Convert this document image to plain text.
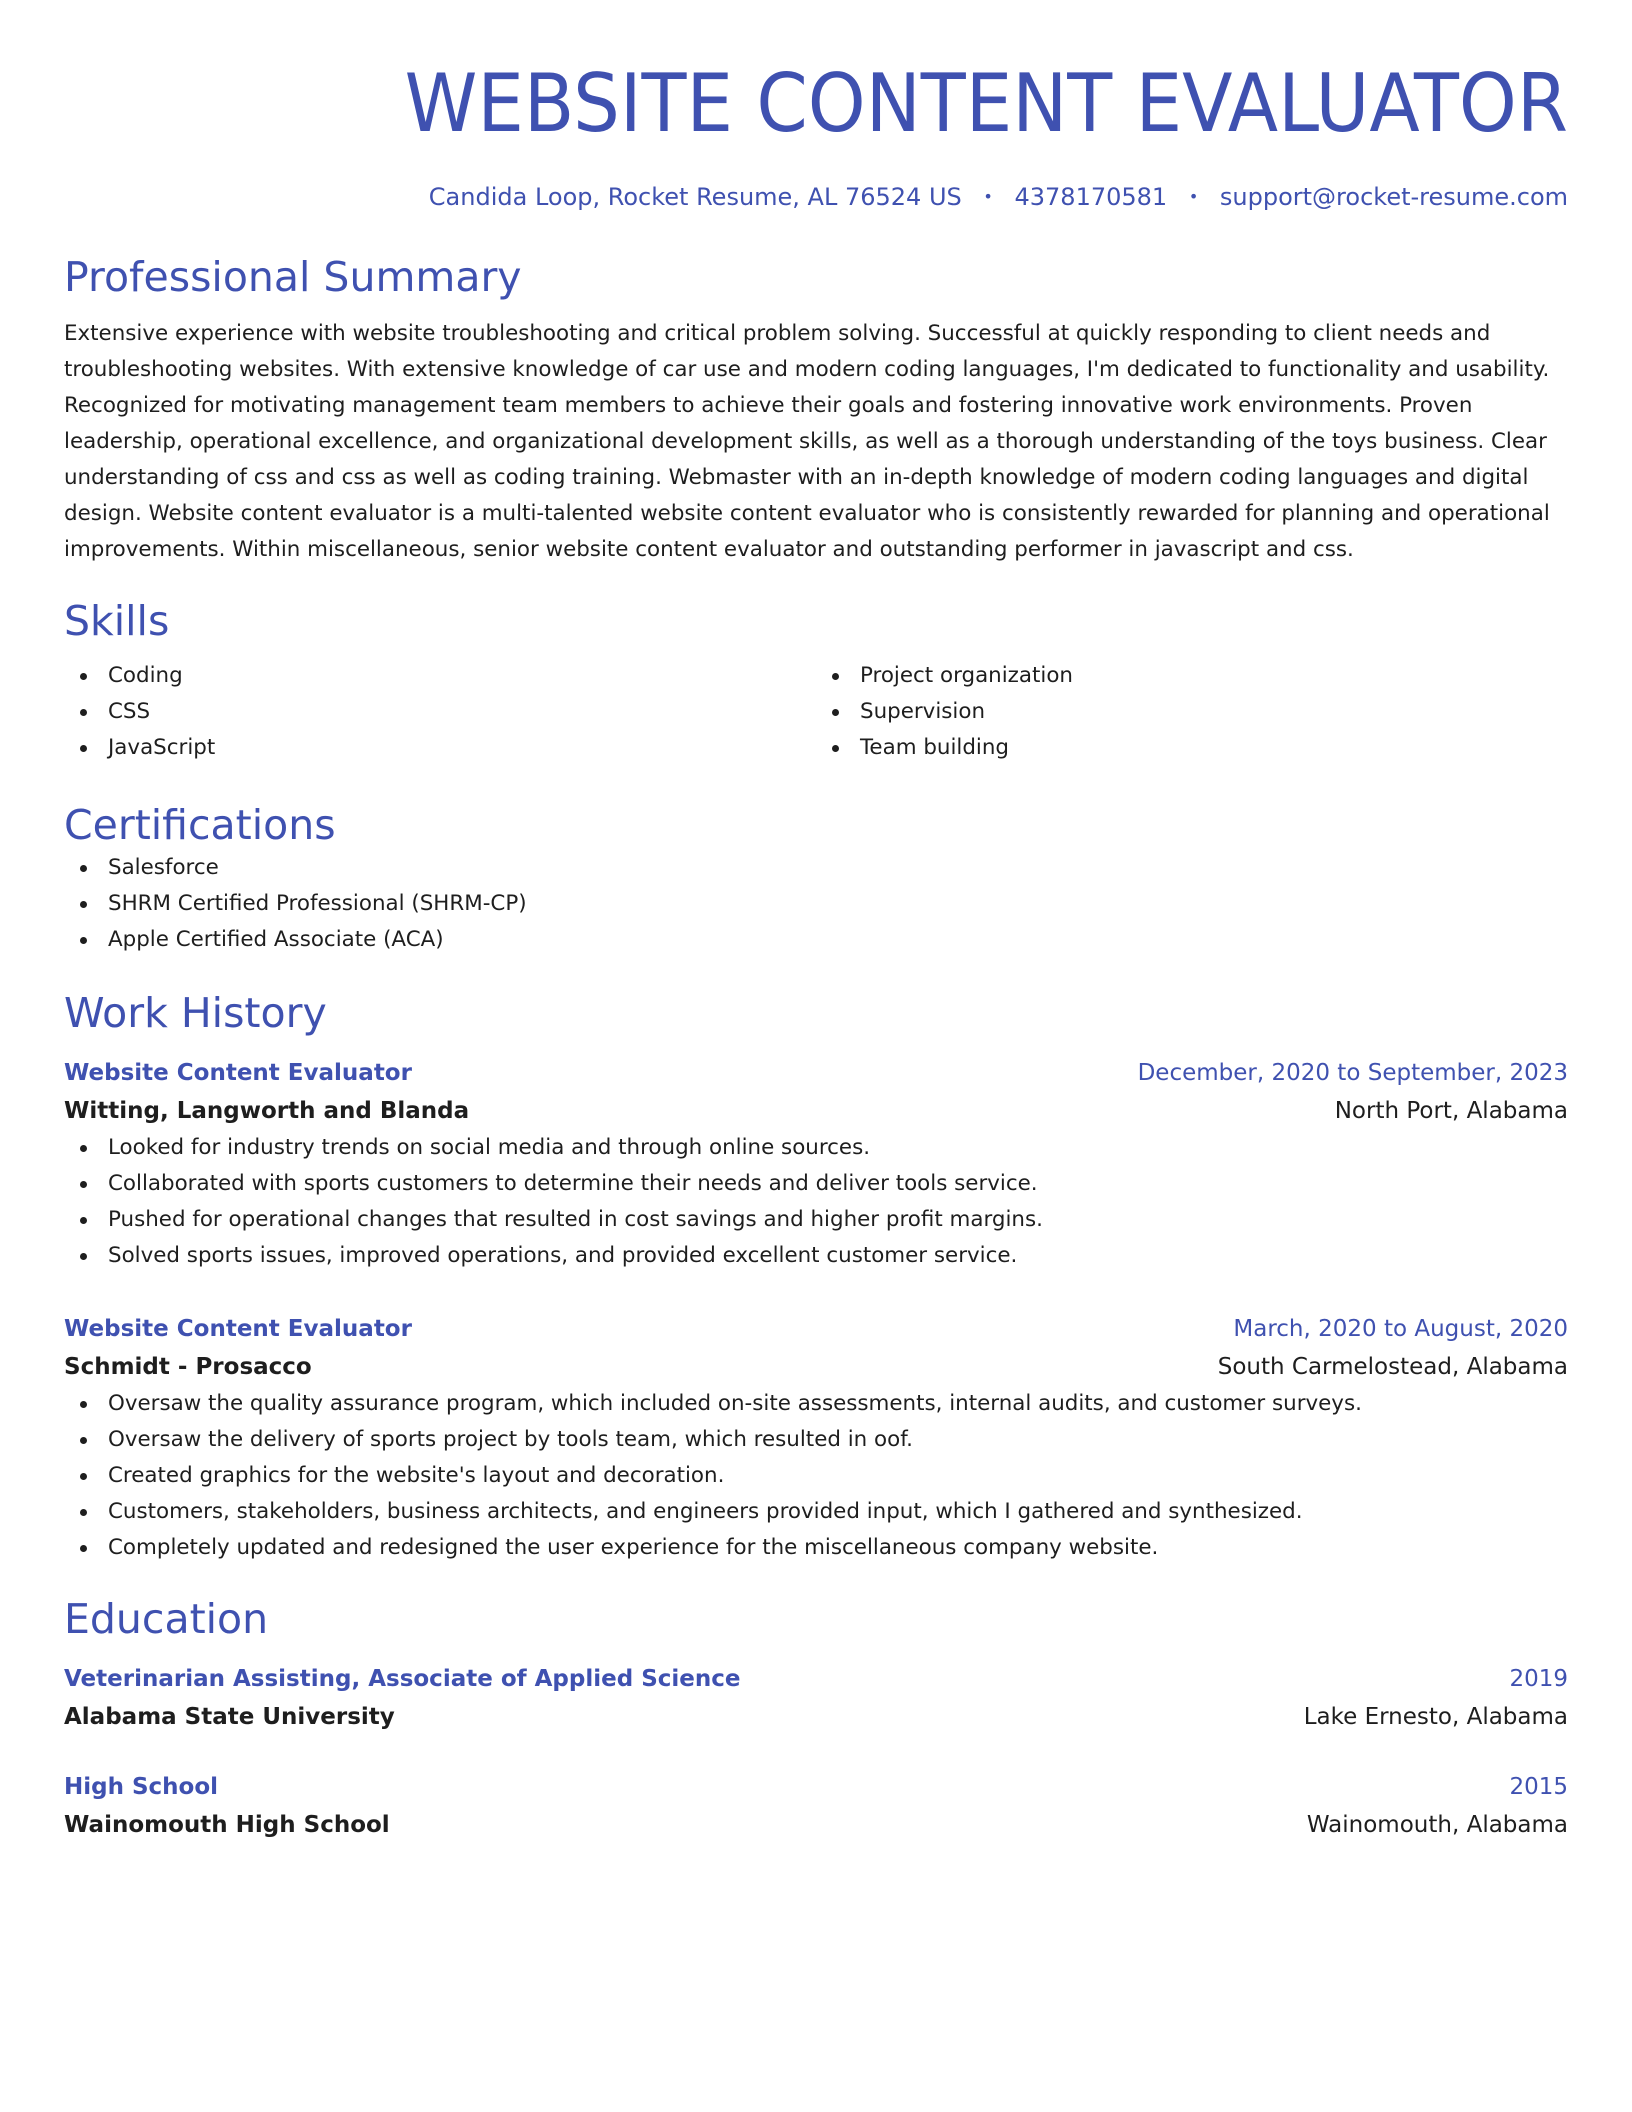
WEBSITE CONTENT EVALUATOR
Candida Loop, Rocket Resume, AL 76524 US • 4378170581 • support@rocket-resume.com
Professional Summary

Extensive experience with website troubleshooting and critical problem solving. Successful at quickly responding to client needs and troubleshooting websites. With extensive knowledge of car use and modern coding languages, I'm dedicated to functionality and usability. Recognized for motivating management team members to achieve their goals and fostering innovative work environments. Proven leadership, operational excellence, and organizational development skills, as well as a thorough understanding of the toys business. Clear understanding of css and css as well as coding training. Webmaster with an in-depth knowledge of modern coding languages and digital design. Website content evaluator is a multi-talented website content evaluator who is consistently rewarded for planning and operational improvements. Within miscellaneous, senior website content evaluator and outstanding performer in javascript and css.

Skills
Coding
CSS
JavaScript
Project organization
Supervision
Team building
Certifications
Salesforce
SHRM Certified Professional (SHRM-CP)
Apple Certified Associate (ACA)
Work History
Website Content Evaluator	December, 2020 to September, 2023
Witting, Langworth and Blanda	North Port, Alabama
Looked for industry trends on social media and through online sources.
Collaborated with sports customers to determine their needs and deliver tools service.
Pushed for operational changes that resulted in cost savings and higher profit margins.
Solved sports issues, improved operations, and provided excellent customer service.
Website Content Evaluator	March, 2020 to August, 2020
Schmidt - Prosacco	South Carmelostead, Alabama
Oversaw the quality assurance program, which included on-site assessments, internal audits, and customer surveys.
Oversaw the delivery of sports project by tools team, which resulted in oof.
Created graphics for the website's layout and decoration.
Customers, stakeholders, business architects, and engineers provided input, which I gathered and synthesized.
Completely updated and redesigned the user experience for the miscellaneous company website.
Education
Veterinarian Assisting, Associate of Applied Science	2019
Alabama State University	Lake Ernesto, Alabama
High School	2015
Wainomouth High School	Wainomouth, Alabama
